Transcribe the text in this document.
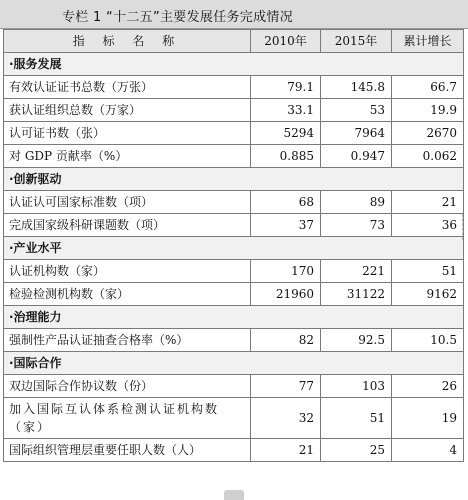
专栏 1 “十二五”主要发展任务完成情况
指 标 名 称	2010年	2015年	累计增长
·服务发展			
有效认证证书总数（万张）	79.1	145.8	66.7
获认证组织总数（万家）	33.1	53	19.9
认可证书数（张）	5294	7964	2670
对 GDP 贡献率（%）	0.885	0.947	0.062
·创新驱动			
认证认可国家标准数（项）	68	89	21
完成国家级科研课题数（项）	37	73	36
·产业水平			
认证机构数（家）	170	221	51
检验检测机构数（家）	21960	31122	9162
·治理能力			
强制性产品认证抽查合格率（%）	82	92.5	10.5
·国际合作			
双边国际合作协议数（份）	77	103	26
加入国际互认体系检测认证机构数（家）	32	51	19
国际组织管理层重要任职人数（人）	21	25	4
